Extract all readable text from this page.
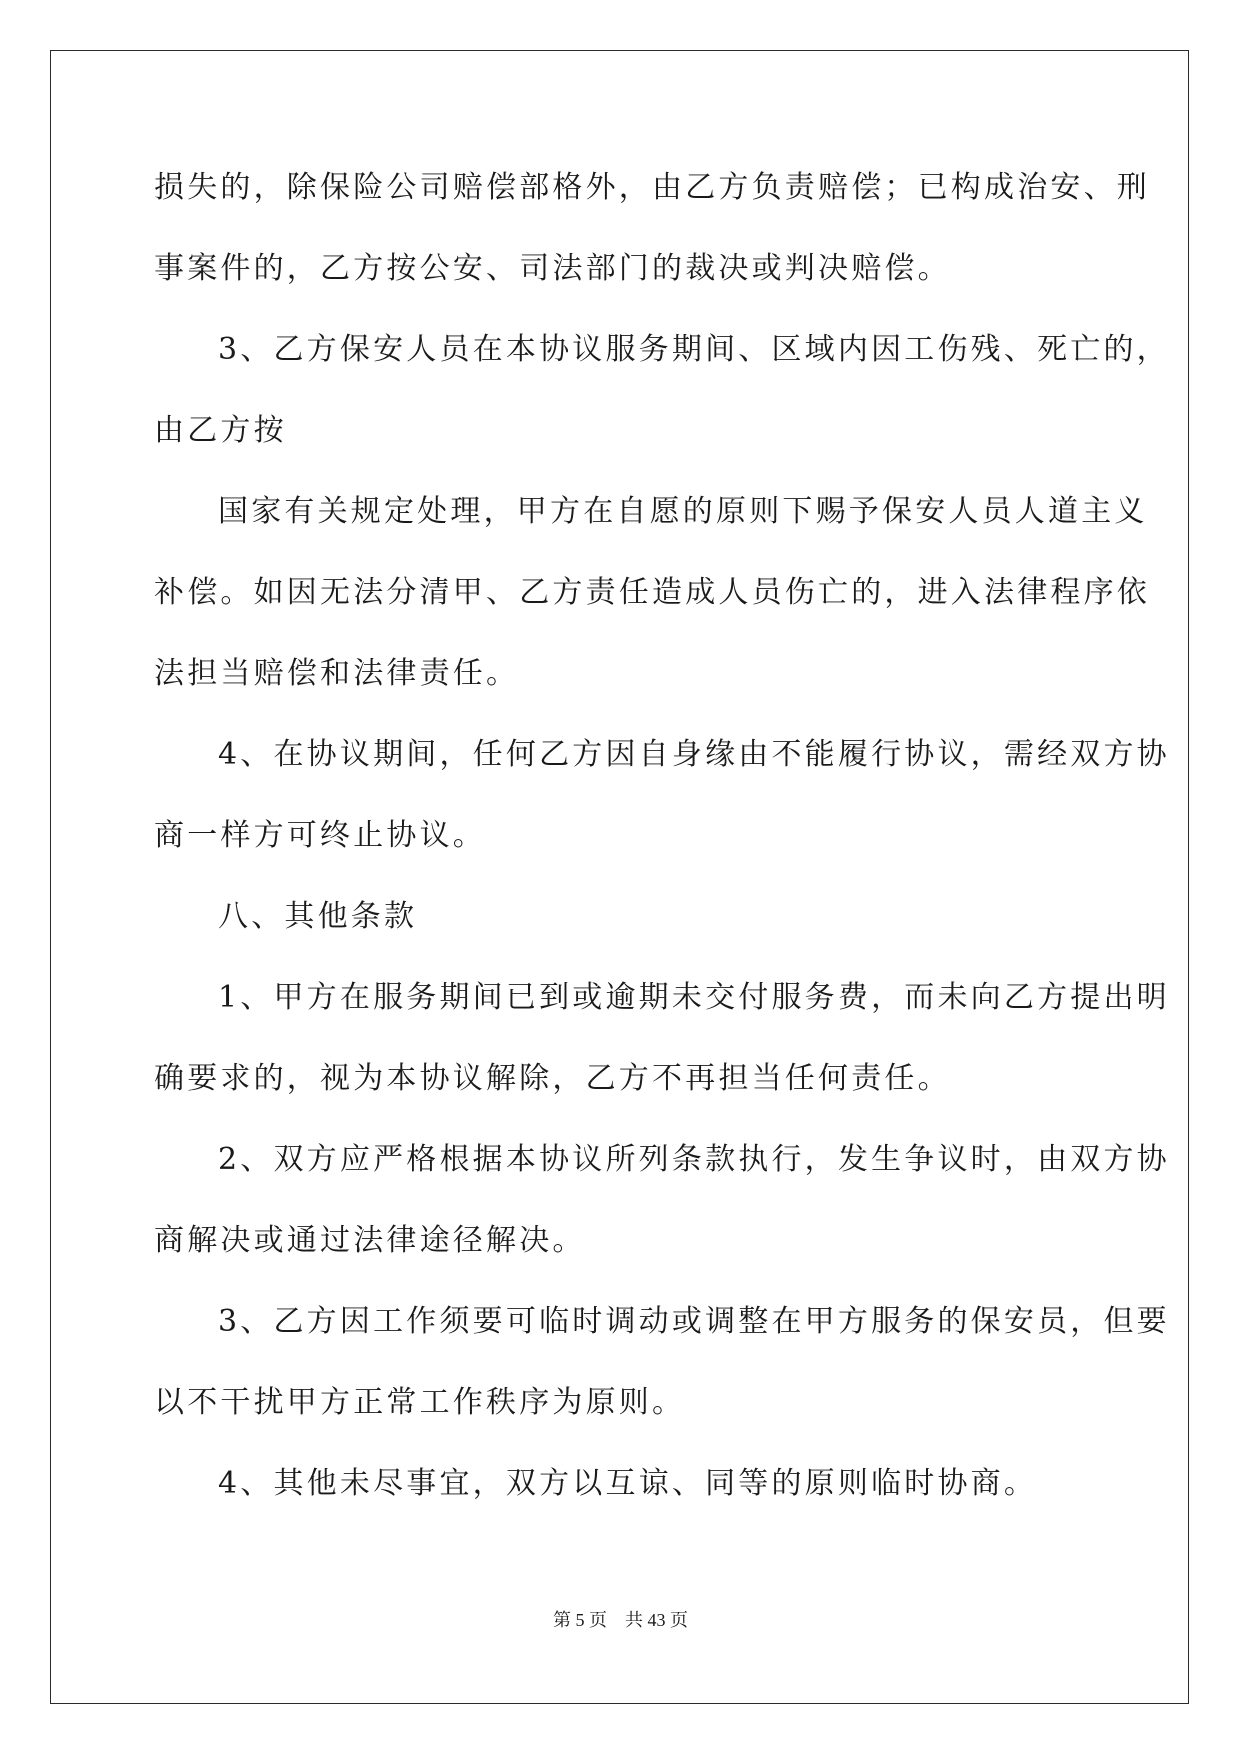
损失的，除保险公司赔偿部格外，由乙方负责赔偿；已构成治安、刑
事案件的，乙方按公安、司法部门的裁决或判决赔偿。
3、乙方保安人员在本协议服务期间、区域内因工伤残、死亡的，
由乙方按
国家有关规定处理，甲方在自愿的原则下赐予保安人员人道主义
补偿。如因无法分清甲、乙方责任造成人员伤亡的，进入法律程序依
法担当赔偿和法律责任。
4、在协议期间，任何乙方因自身缘由不能履行协议，需经双方协
商一样方可终止协议。
八、其他条款
1、甲方在服务期间已到或逾期未交付服务费，而未向乙方提出明
确要求的，视为本协议解除，乙方不再担当任何责任。
2、双方应严格根据本协议所列条款执行，发生争议时，由双方协
商解决或通过法律途径解决。
3、乙方因工作须要可临时调动或调整在甲方服务的保安员，但要
以不干扰甲方正常工作秩序为原则。
4、其他未尽事宜，双方以互谅、同等的原则临时协商。
第 5 页    共 43 页
